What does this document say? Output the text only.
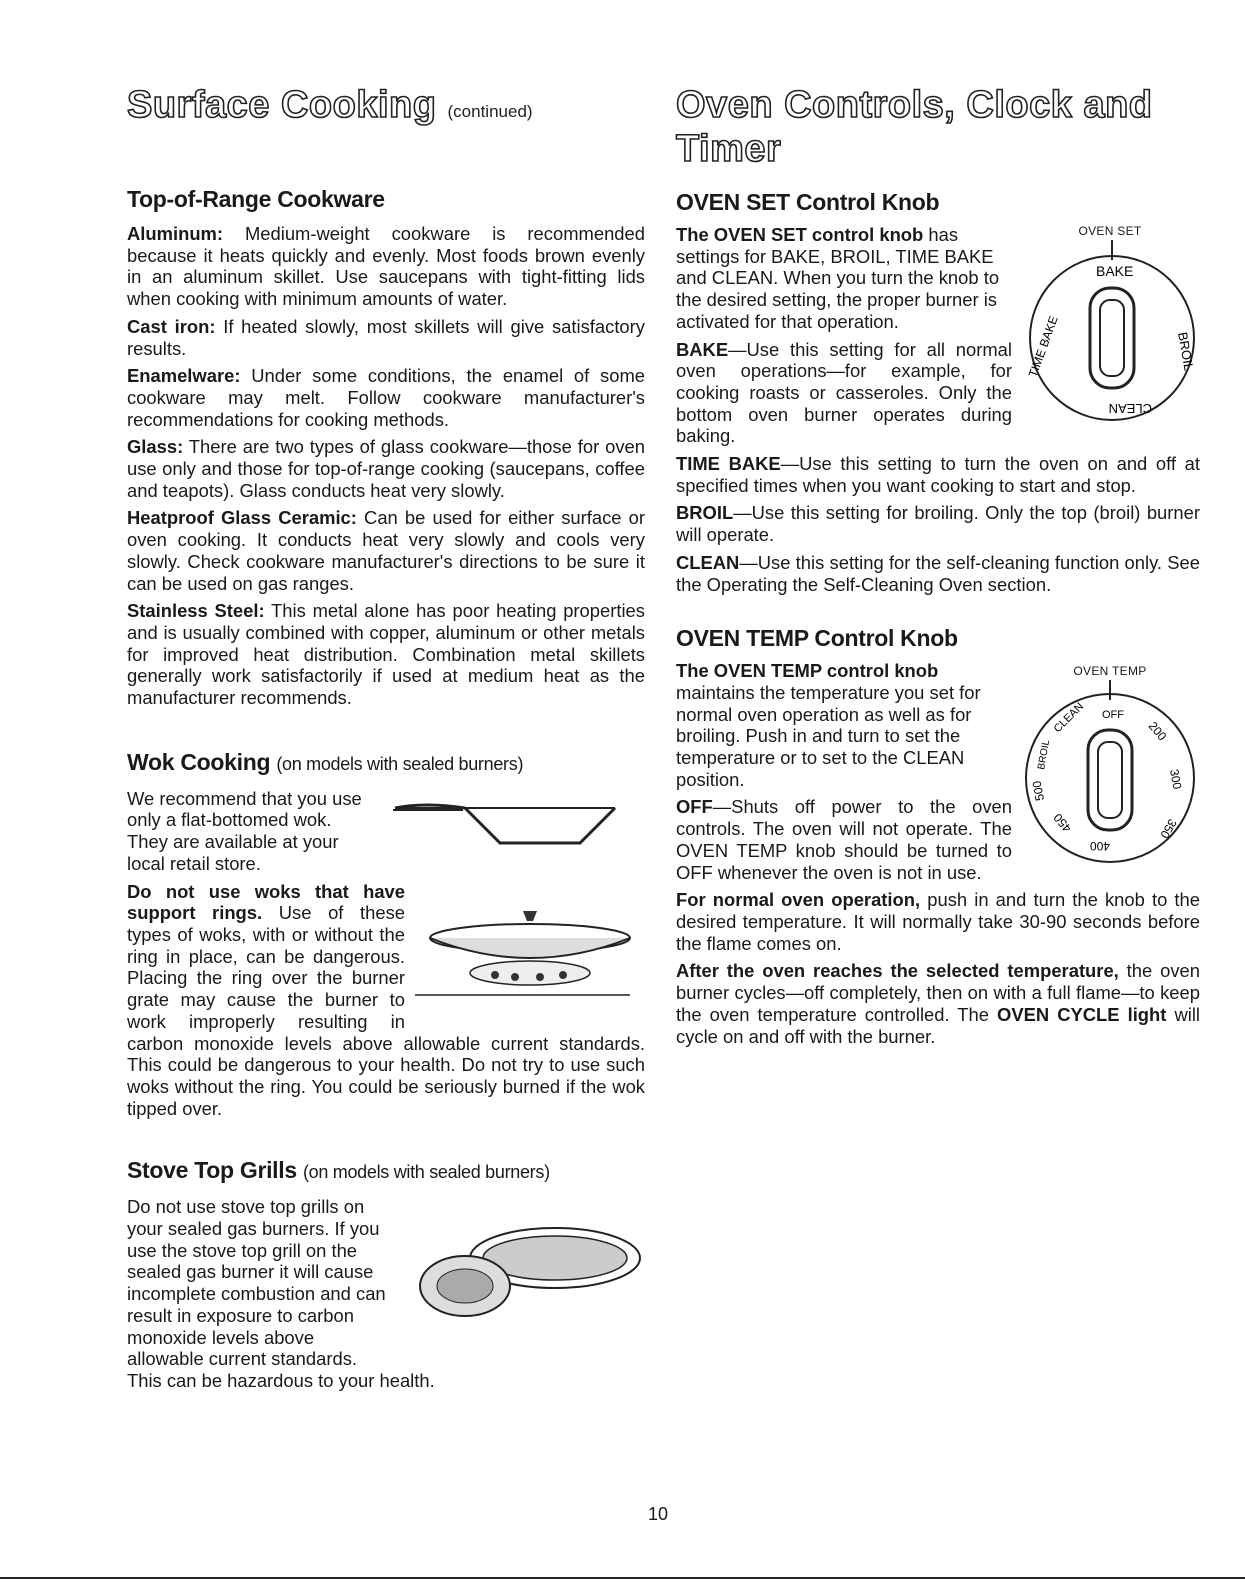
Surface Cooking (continued)
Top-of-Range Cookware

Aluminum: Medium-weight cookware is recommended because it heats quickly and evenly. Most foods brown evenly in an aluminum skillet. Use saucepans with tight-fitting lids when cooking with minimum amounts of water.

Cast iron: If heated slowly, most skillets will give satisfactory results.

Enamelware: Under some conditions, the enamel of some cookware may melt. Follow cookware manufacturer's recommendations for cooking methods.

Glass: There are two types of glass cookware—those for oven use only and those for top-of-range cooking (saucepans, coffee and teapots). Glass conducts heat very slowly.

Heatproof Glass Ceramic: Can be used for either surface or oven cooking. It conducts heat very slowly and cools very slowly. Check cookware manufacturer's directions to be sure it can be used on gas ranges.

Stainless Steel: This metal alone has poor heating properties and is usually combined with copper, aluminum or other metals for improved heat distribution. Combination metal skillets generally work satisfactorily if used at medium heat as the manufacturer recommends.

Wok Cooking (on models with sealed burners)

We recommend that you use only a flat-bottomed wok. They are available at your local retail store.

Do not use woks that have support rings. Use of these types of woks, with or without the ring in place, can be dangerous. Placing the ring over the burner grate may cause the burner to work improperly resulting in carbon monoxide levels above allowable current standards. This could be dangerous to your health. Do not try to use such woks without the ring. You could be seriously burned if the wok tipped over.

Stove Top Grills (on models with sealed burners)

Do not use stove top grills on your sealed gas burners. If you use the stove top grill on the sealed gas burner it will cause incomplete combustion and can result in exposure to carbon monoxide levels above allowable current standards. This can be hazardous to your health.

Oven Controls, Clock and Timer
OVEN SET Control Knob
OVEN SET
BAKE
BROIL
CLEAN
TIME BAKE

The OVEN SET control knob has settings for BAKE, BROIL, TIME BAKE and CLEAN. When you turn the knob to the desired setting, the proper burner is activated for that operation.

BAKE—Use this setting for all normal oven operations—for example, for cooking roasts or casseroles. Only the bottom oven burner operates during baking.

TIME BAKE—Use this setting to turn the oven on and off at specified times when you want cooking to start and stop.

BROIL—Use this setting for broiling. Only the top (broil) burner will operate.

CLEAN—Use this setting for the self-cleaning function only. See the Operating the Self-Cleaning Oven section.

OVEN TEMP Control Knob
OVEN TEMP
OFF
200
300
350
400
450
500
BROIL
CLEAN

The OVEN TEMP control knob maintains the temperature you set for normal oven operation as well as for broiling. Push in and turn to set the temperature or to set to the CLEAN position.

OFF—Shuts off power to the oven controls. The oven will not operate. The OVEN TEMP knob should be turned to OFF whenever the oven is not in use.

For normal oven operation, push in and turn the knob to the desired temperature. It will normally take 30-90 seconds before the flame comes on.

After the oven reaches the selected temperature, the oven burner cycles—off completely, then on with a full flame—to keep the oven temperature controlled. The OVEN CYCLE light will cycle on and off with the burner.

10
